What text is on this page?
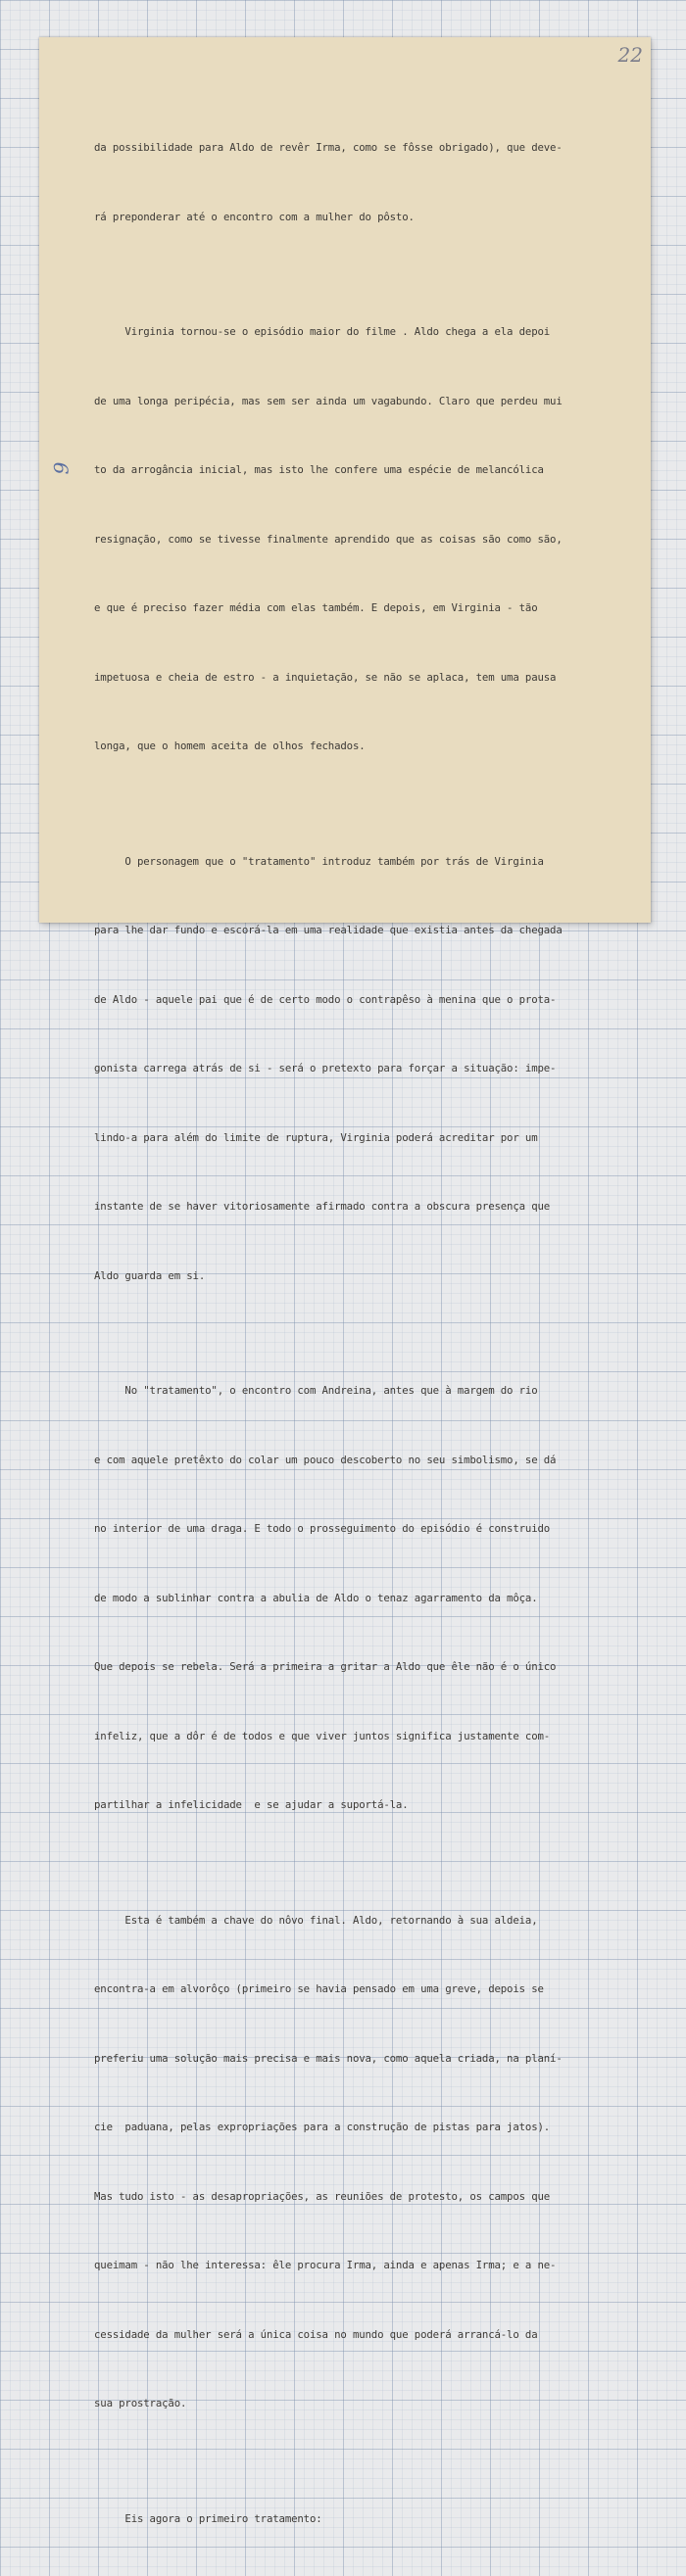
22
9

da possibilidade para Aldo de revêr Irma, como se fôsse obrigado), que deve-

rá preponderar até o encontro com a mulher do pôsto.

Virginia tornou-se o episódio maior do filme . Aldo chega a ela depoi

de uma longa peripécia, mas sem ser ainda um vagabundo. Claro que perdeu mui

to da arrogância inicial, mas isto lhe confere uma espécie de melancólica

resignação, como se tivesse finalmente aprendido que as coisas são como são,

e que é preciso fazer média com elas também. E depois, em Virginia - tão

impetuosa e cheia de estro - a inquietação, se não se aplaca, tem uma pausa

longa, que o homem aceita de olhos fechados.

O personagem que o "tratamento" introduz também por trás de Virginia

para lhe dar fundo e escorá-la em uma realidade que existia antes da chegada

de Aldo - aquele pai que é de certo modo o contrapêso à menina que o prota-

gonista carrega atrás de si - será o pretexto para forçar a situação: impe-

lindo-a para além do limite de ruptura, Virginia poderá acreditar por um

instante de se haver vitoriosamente afirmado contra a obscura presença que

Aldo guarda em si.

No "tratamento", o encontro com Andreina, antes que à margem do rio

e com aquele pretêxto do colar um pouco descoberto no seu simbolismo, se dá

no interior de uma draga. E todo o prosseguimento do episódio é construido

de modo a sublinhar contra a abulia de Aldo o tenaz agarramento da môça.

Que depois se rebela. Será a primeira a gritar a Aldo que êle não é o único

infeliz, que a dôr é de todos e que viver juntos significa justamente com-

partilhar a infelicidade  e se ajudar a suportá-la.

Esta é também a chave do nôvo final. Aldo, retornando à sua aldeia,

encontra-a em alvorôço (primeiro se havia pensado em uma greve, depois se

preferiu uma solução mais precisa e mais nova, como aquela criada, na planí-

cie  paduana, pelas expropriações para a construção de pistas para jatos).

Mas tudo isto - as desapropriações, as reuniões de protesto, os campos que

queimam - não lhe interessa: êle procura Irma, ainda e apenas Irma; e a ne-

cessidade da mulher será a única coisa no mundo que poderá arrancá-lo da

sua prostração.

Eis agora o primeiro tratamento:
